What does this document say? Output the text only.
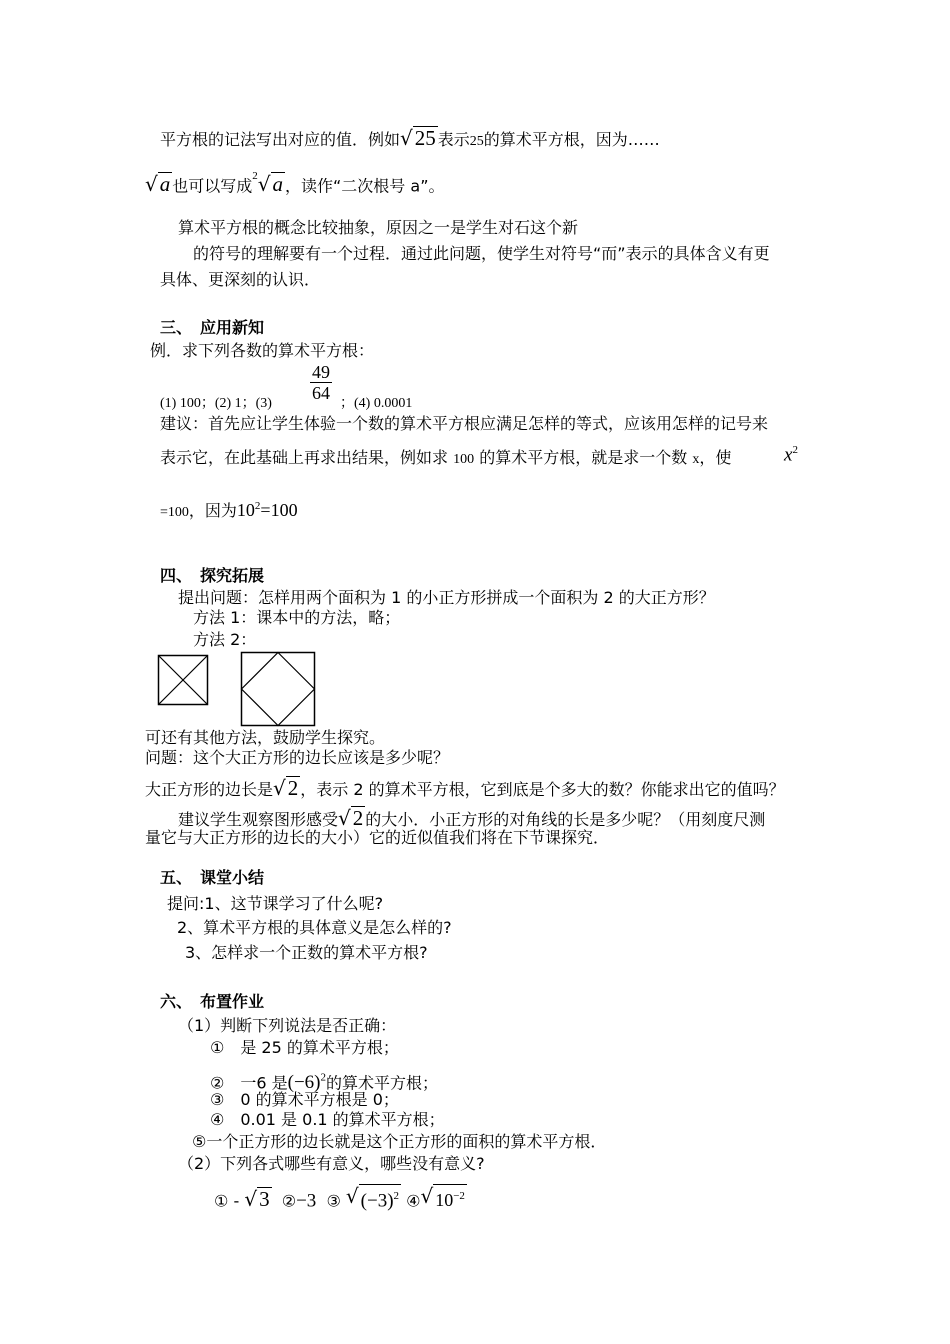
平方根的记法写出对应的值．例如√25 表示25的算术平方根，因为……
√a 也可以写成$^2$√a ，读作“二次根号 a”。
算术平方根的概念比较抽象，原因之一是学生对石这个新
的符号的理解要有一个过程．通过此问题，使学生对符号“而”表示的具体含义有更
具体、更深刻的认识．
三、　应用新知
例．求下列各数的算术平方根：
(1) 100；(2) 1；(3)
$\frac{49}{64}$
；(4) 0.0001
建议：首先应让学生体验一个数的算术平方根应满足怎样的等式，应该用怎样的记号来
表示它，在此基础上再求出结果，例如求 100 的算术平方根，就是求一个数 x，使	$x^2$
=100，因为$10^2=100$
四、　探究拓展
提出问题：怎样用两个面积为 1 的小正方形拼成一个面积为 2 的大正方形？
方法 1：课本中的方法，略；
方法 2：
可还有其他方法，鼓励学生探究。
问题：这个大正方形的边长应该是多少呢？
大正方形的边长是√2 ，表示 2 的算术平方根，它到底是个多大的数？你能求出它的值吗？
建议学生观察图形感受√2 的大小．小正方形的对角线的长是多少呢？（用刻度尺测
量它与大正方形的边长的大小）它的近似值我们将在下节课探究．
五、　课堂小结
提问:1、这节课学习了什么呢?
2、算术平方根的具体意义是怎么样的?
3、怎样求一个正数的算术平方根?
六、　布置作业
（1）判断下列说法是否正确：
①　是 25 的算术平方根；
②　一6 是$(-6)^2$的算术平方根；
③　0 的算术平方根是 0；
④　0.01 是 0.1 的算术平方根；
⑤一个正方形的边长就是这个正方形的面积的算术平方根．
（2）下列各式哪些有意义，哪些没有意义?
① - √3 ②−3 ③ √ $(-3)^2$ ④√ $10^{-2}$
